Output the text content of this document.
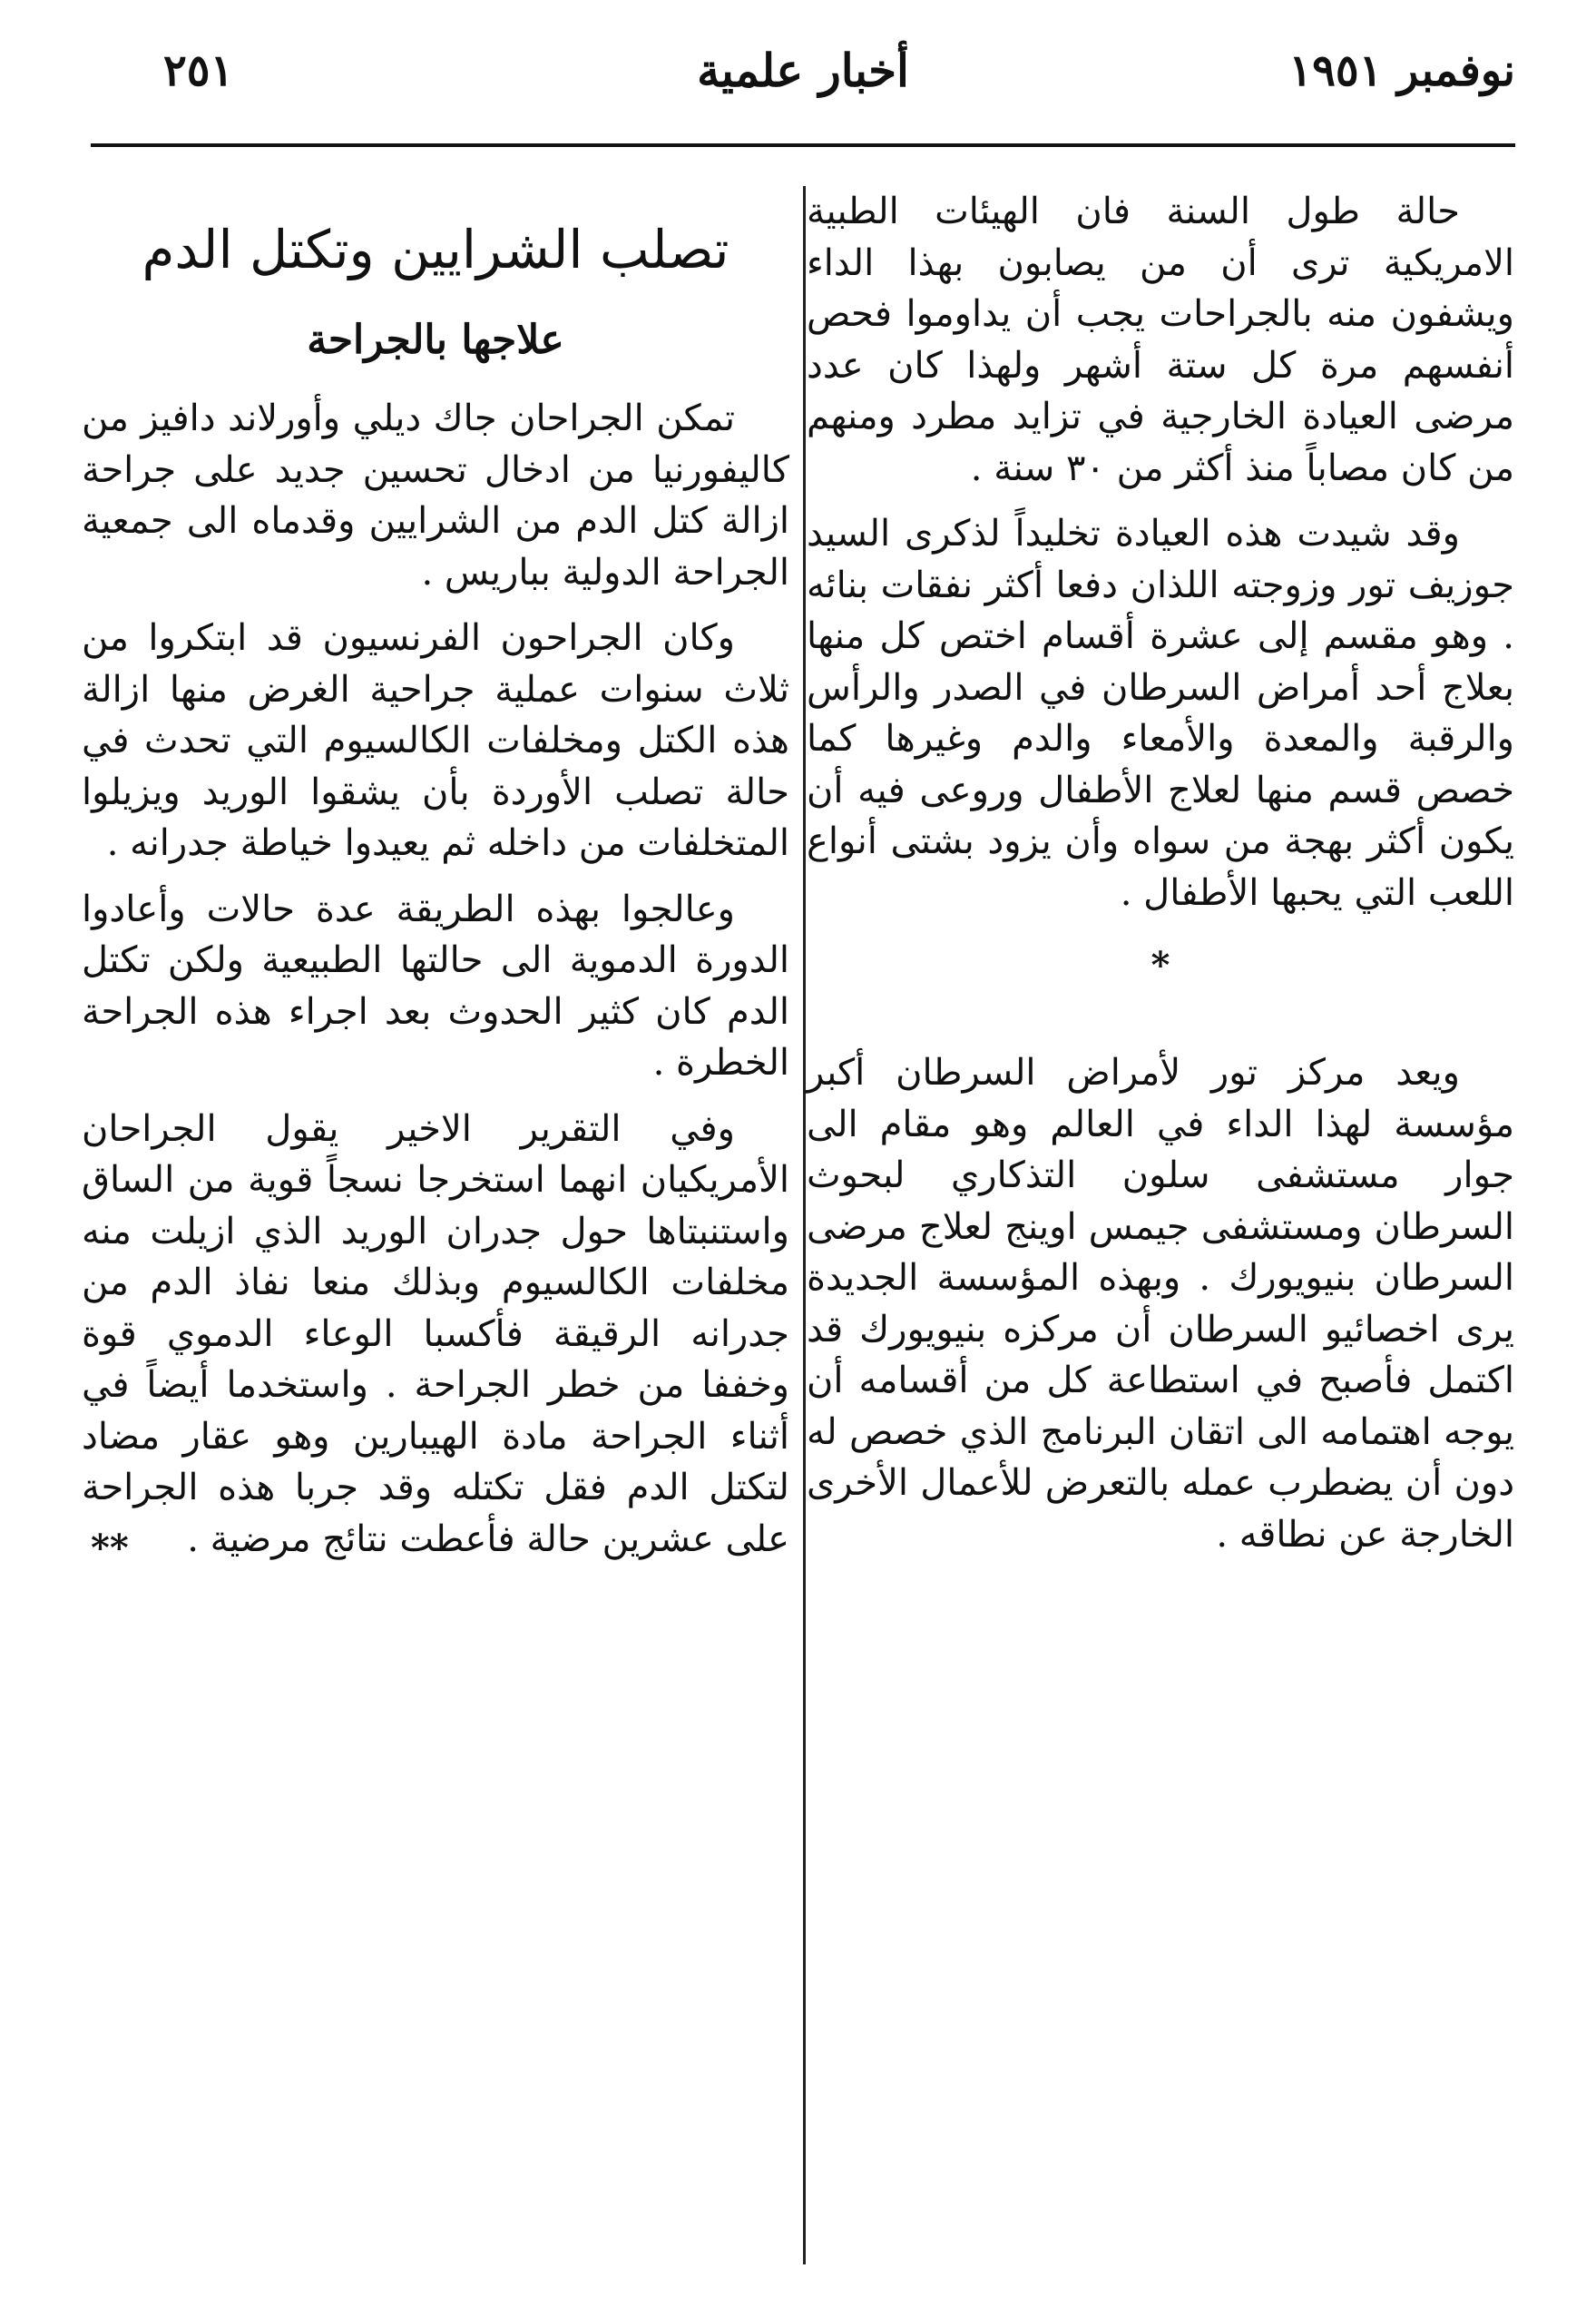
نوفمبر ١٩٥١
أخبار علمية
٢٥١

حالة طول السنة فان الهيئات الطبية الامريكية ترى أن من يصابون بهذا الداء ويشفون منه بالجراحات يجب أن يداوموا فحص أنفسهم مرة كل ستة أشهر ولهذا كان عدد مرضى العيادة الخارجية في تزايد مطرد ومنهم من كان مصاباً منذ أكثر من ٣٠ سنة .

وقد شيدت هذه العيادة تخليداً لذكرى السيد جوزيف تور وزوجته اللذان دفعا أكثر نفقات بنائه . وهو مقسم إلى عشرة أقسام اختص كل منها بعلاج أحد أمراض السرطان في الصدر والرأس والرقبة والمعدة والأمعاء والدم وغيرها كما خصص قسم منها لعلاج الأطفال وروعى فيه أن يكون أكثر بهجة من سواه وأن يزود بشتى أنواع اللعب التي يحبها الأطفال .

*

ويعد مركز تور لأمراض السرطان أكبر مؤسسة لهذا الداء في العالم وهو مقام الى جوار مستشفى سلون التذكاري لبحوث السرطان ومستشفى جيمس اوينج لعلاج مرضى السرطان بنيويورك . وبهذه المؤسسة الجديدة يرى اخصائيو السرطان أن مركزه بنيويورك قد اكتمل فأصبح في استطاعة كل من أقسامه أن يوجه اهتمامه الى اتقان البرنامج الذي خصص له دون أن يضطرب عمله بالتعرض للأعمال الأخرى الخارجة عن نطاقه .

تصلب الشرايين وتكتل الدم
علاجها بالجراحة

تمكن الجراحان جاك ديلي وأورلاند دافيز من كاليفورنيا من ادخال تحسين جديد على جراحة ازالة كتل الدم من الشرايين وقدماه الى جمعية الجراحة الدولية بباريس .

وكان الجراحون الفرنسيون قد ابتكروا من ثلاث سنوات عملية جراحية الغرض منها ازالة هذه الكتل ومخلفات الكالسيوم التي تحدث في حالة تصلب الأوردة بأن يشقوا الوريد ويزيلوا المتخلفات من داخله ثم يعيدوا خياطة جدرانه .

وعالجوا بهذه الطريقة عدة حالات وأعادوا الدورة الدموية الى حالتها الطبيعية ولكن تكتل الدم كان كثير الحدوث بعد اجراء هذه الجراحة الخطرة .

وفي التقرير الاخير يقول الجراحان الأمريكيان انهما استخرجا نسجاً قوية من الساق واستنبتاها حول جدران الوريد الذي ازيلت منه مخلفات الكالسيوم وبذلك منعا نفاذ الدم من جدرانه الرقيقة فأكسبا الوعاء الدموي قوة وخففا من خطر الجراحة . واستخدما أيضاً في أثناء الجراحة مادة الهيبارين وهو عقار مضاد لتكتل الدم فقل تكتله وقد جربا هذه الجراحة على عشرين حالة فأعطت نتائج مرضية .

**
